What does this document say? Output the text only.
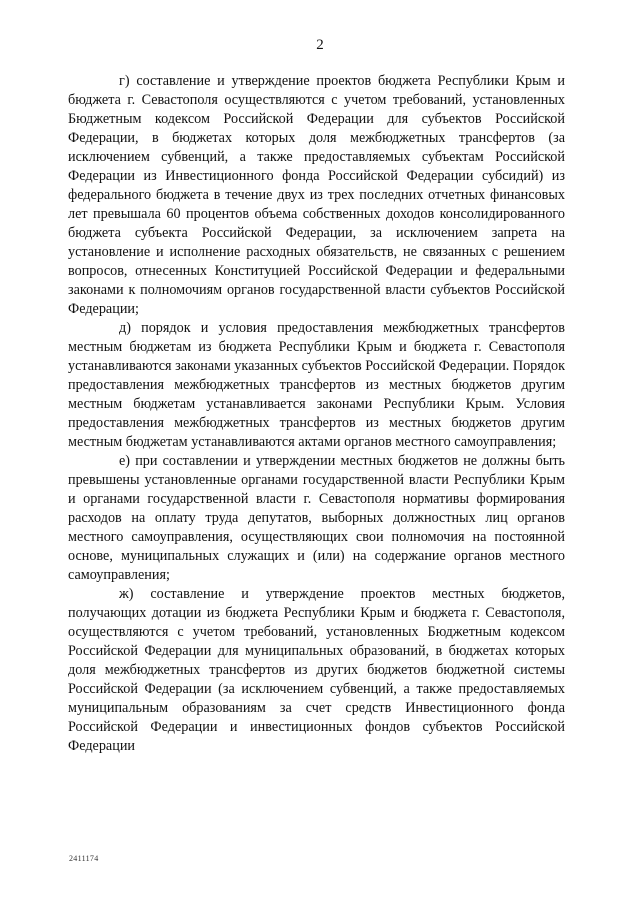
2

г) составление и утверждение проектов бюджета Республики Крым и бюджета г. Севастополя осуществляются с учетом требований, установленных Бюджетным кодексом Российской Федерации для субъектов Российской Федерации, в бюджетах которых доля межбюджетных трансфертов (за исключением субвенций, а также предоставляемых субъектам Российской Федерации из Инвестиционного фонда Российской Федерации субсидий) из федерального бюджета в течение двух из трех последних отчетных финансовых лет превышала 60 процентов объема собственных доходов консолидированного бюджета субъекта Российской Федерации, за исключением запрета на установление и исполнение расходных обязательств, не связанных с решением вопросов, отнесенных Конституцией Российской Федерации и федеральными законами к полномочиям органов государственной власти субъектов Российской Федерации;

д) порядок и условия предоставления межбюджетных трансфертов местным бюджетам из бюджета Республики Крым и бюджета г. Севастополя устанавливаются законами указанных субъектов Российской Федерации. Порядок предоставления межбюджетных трансфертов из местных бюджетов другим местным бюджетам устанавливается законами Республики Крым. Условия предоставления межбюджетных трансфертов из местных бюджетов другим местным бюджетам устанавливаются актами органов местного самоуправления;

е) при составлении и утверждении местных бюджетов не должны быть превышены установленные органами государственной власти Республики Крым и органами государственной власти г. Севастополя нормативы формирования расходов на оплату труда депутатов, выборных должностных лиц органов местного самоуправления, осуществляющих свои полномочия на постоянной основе, муниципальных служащих и (или) на содержание органов местного самоуправления;

ж) составление и утверждение проектов местных бюджетов, получающих дотации из бюджета Республики Крым и бюджета г. Севастополя, осуществляются с учетом требований, установленных Бюджетным кодексом Российской Федерации для муниципальных образований, в бюджетах которых доля межбюджетных трансфертов из других бюджетов бюджетной системы Российской Федерации (за исключением субвенций, а также предоставляемых муниципальным образованиям за счет средств Инвестиционного фонда Российской Федерации и инвестиционных фондов субъектов Российской Федерации

2411174
